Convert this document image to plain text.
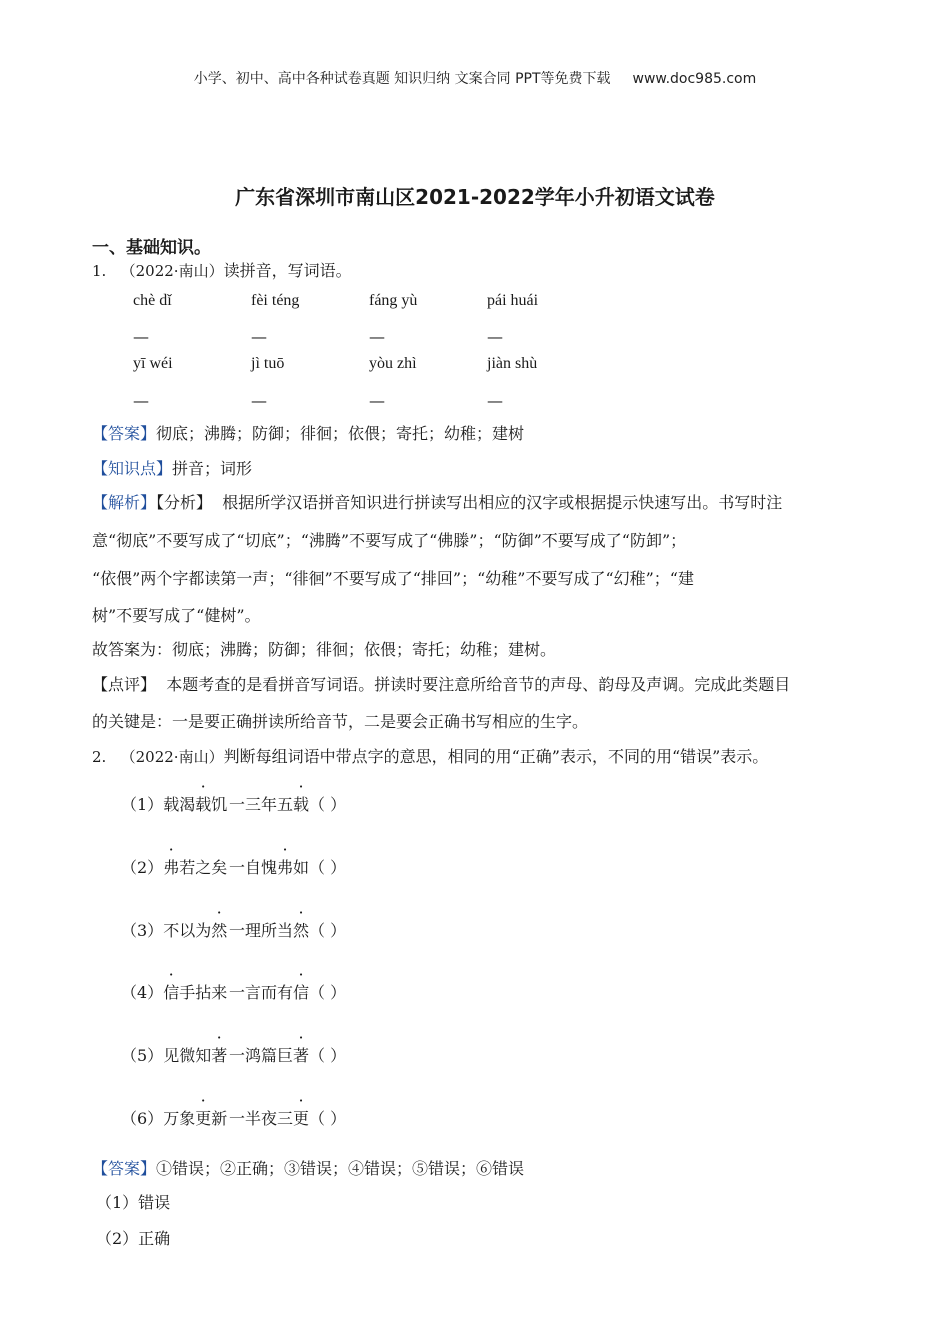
小学、初中、高中各种试卷真题 知识归纳 文案合同 PPT等免费下载 www.doc985.com
广东省深圳市南山区2021-2022学年小升初语文试卷
一、基础知识。
1. （2022·南山）读拼音，写词语。
chè dǐ	fèi téng	fáng yù	pái huái
—	—	—	—
yī wéi	jì tuō	yòu zhì	jiàn shù
—	—	—	—
【答案】彻底；沸腾；防御；徘徊；依偎；寄托；幼稚；建树
【知识点】拼音；词形
【解析】【分析】  根据所学汉语拼音知识进行拼读写出相应的汉字或根据提示快速写出。书写时注
意“彻底”不要写成了“切底”；“沸腾”不要写成了“佛滕”；“防御”不要写成了“防卸”；
“依偎”两个字都读第一声；“徘徊”不要写成了“排回”；“幼稚”不要写成了“幻稚”；“建
树”不要写成了“健树”。
故答案为：彻底；沸腾；防御；徘徊；依偎；寄托；幼稚；建树。
【点评】  本题考查的是看拼音写词语。拼读时要注意所给音节的声母、韵母及声调。完成此类题目
的关键是：一是要正确拼读所给音节，二是要会正确书写相应的生字。
2. （2022·南山）判断每组词语中带点字的意思，相同的用“正确”表示，不同的用“错误”表示。
（1）载渴载饥 一三年五载（ ）
（2）弗若之矣 一自愧弗如（ ）
（3）不以为然 一理所当然（ ）
（4）信手拈来 一言而有信（ ）
（5）见微知著 一鸿篇巨著（ ）
（6）万象更新 一半夜三更（ ）
【答案】①错误；②正确；③错误；④错误；⑤错误；⑥错误
（1）错误
（2）正确
